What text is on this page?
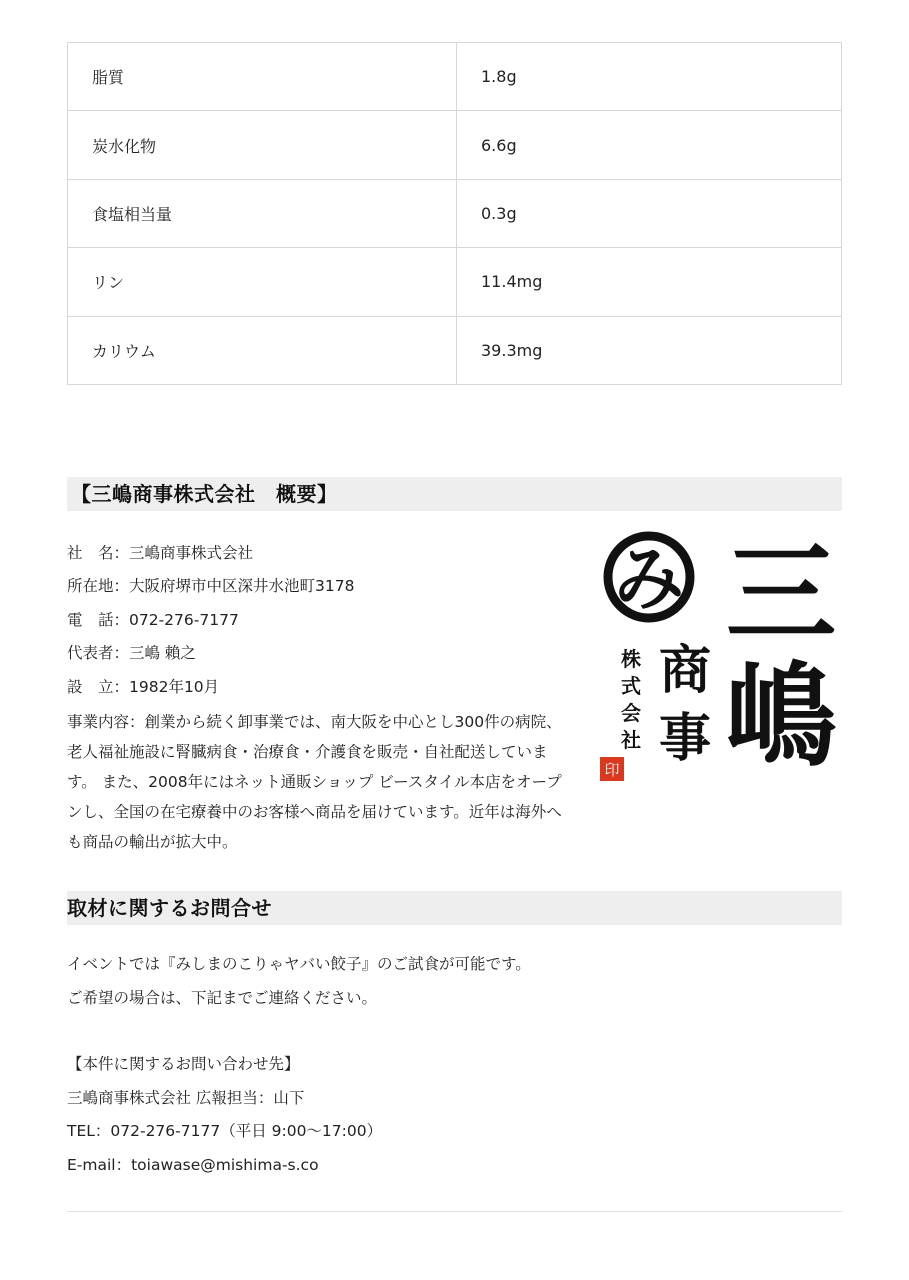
脂質	1.8g
炭水化物	6.6g
食塩相当量	0.3g
リン	11.4mg
カリウム	39.3mg
【三嶋商事株式会社　概要】
社　名：三嶋商事株式会社
所在地：大阪府堺市中区深井水池町3178
電　話：072-276-7177
代表者：三嶋 賴之
設　立：1982年10月
事業内容：創業から続く卸事業では、南大阪を中心とし300件の病院、老人福祉施設に腎臓病食・治療食・介護食を販売・自社配送しています。 また、2008年にはネット通販ショップ ビースタイル本店をオープンし、全国の在宅療養中のお客様へ商品を届けています。近年は海外へも商品の輸出が拡大中。
み 三
嶋
商
事
株
式
会
社
印
取材に関するお問合せ
イベントでは『みしまのこりゃヤバい餃子』のご試食が可能です。
ご希望の場合は、下記までご連絡ください。
【本件に関するお問い合わせ先】
三嶋商事株式会社 広報担当：山下
TEL：072-276-7177（平日 9:00〜17:00）
E-mail：toiawase@mishima-s.co
